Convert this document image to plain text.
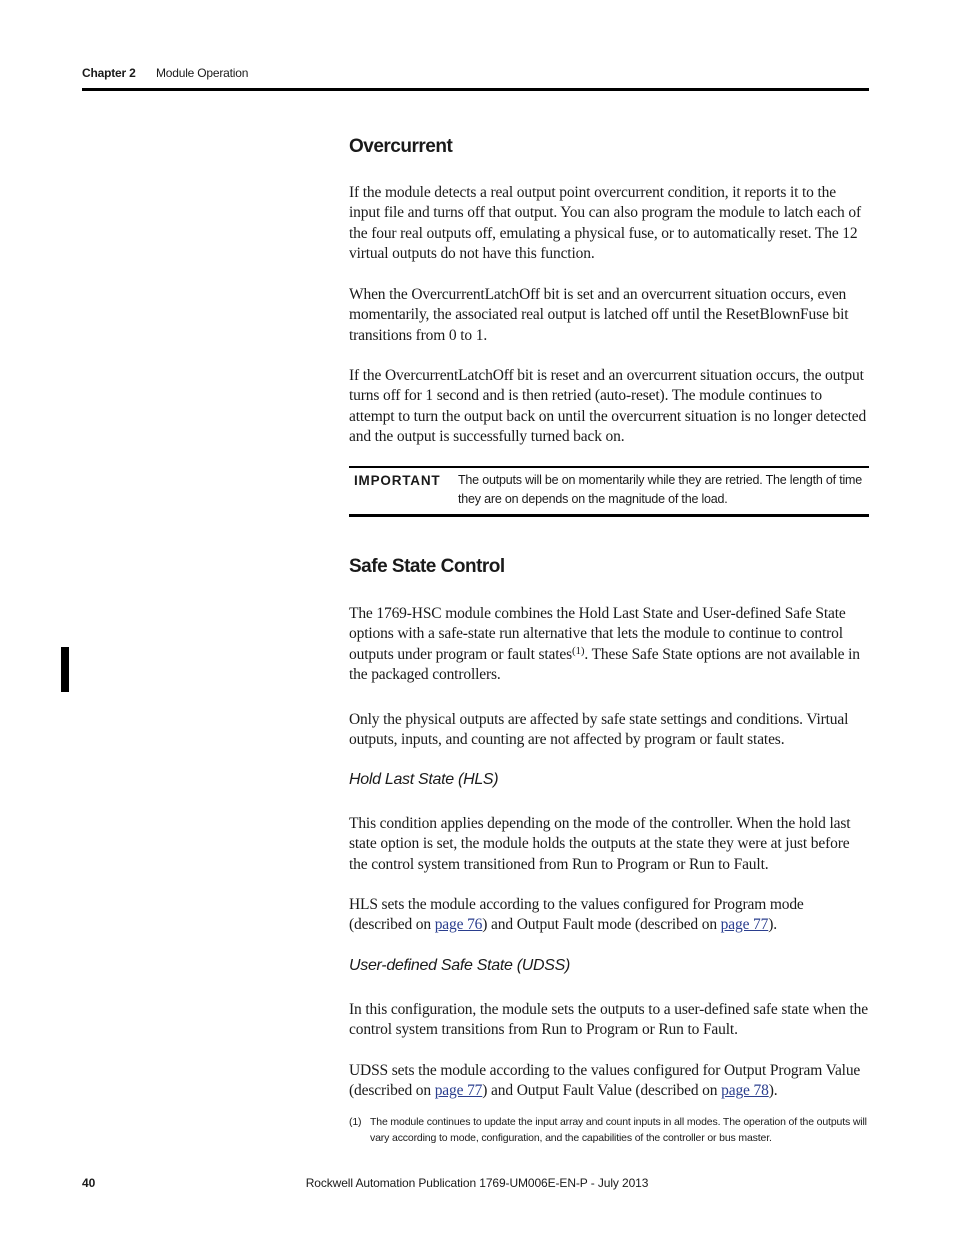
Chapter 2 Module Operation
Overcurrent

If the module detects a real output point overcurrent condition, it reports it to the input file and turns off that output. You can also program the module to latch each of the four real outputs off, emulating a physical fuse, or to automatically reset. The 12 virtual outputs do not have this function.

When the OvercurrentLatchOff bit is set and an overcurrent situation occurs, even momentarily, the associated real output is latched off until the ResetBlownFuse bit transitions from 0 to 1.

If the OvercurrentLatchOff bit is reset and an overcurrent situation occurs, the output turns off for 1 second and is then retried (auto-reset). The module continues to attempt to turn the output back on until the overcurrent situation is no longer detected and the output is successfully turned back on.

IMPORTANT The outputs will be on momentarily while they are retried. The length of time they are on depends on the magnitude of the load.
Safe State Control

The 1769-HSC module combines the Hold Last State and User-defined Safe State options with a safe-state run alternative that lets the module to continue to control outputs under program or fault states$^{(1)}$. These Safe State options are not available in the packaged controllers.

Only the physical outputs are affected by safe state settings and conditions. Virtual outputs, inputs, and counting are not affected by program or fault states.

Hold Last State (HLS)

This condition applies depending on the mode of the controller. When the hold last state option is set, the module holds the outputs at the state they were at just before the control system transitioned from Run to Program or Run to Fault.

HLS sets the module according to the values configured for Program mode (described on page 76) and Output Fault mode (described on page 77).

User-defined Safe State (UDSS)

In this configuration, the module sets the outputs to a user-defined safe state when the control system transitions from Run to Program or Run to Fault.

UDSS sets the module according to the values configured for Output Program Value (described on page 77) and Output Fault Value (described on page 78).

(1) The module continues to update the input array and count inputs in all modes. The operation of the outputs will vary according to mode, configuration, and the capabilities of the controller or bus master.
Rockwell Automation Publication 1769-UM006E-EN-P - July 2013
40
